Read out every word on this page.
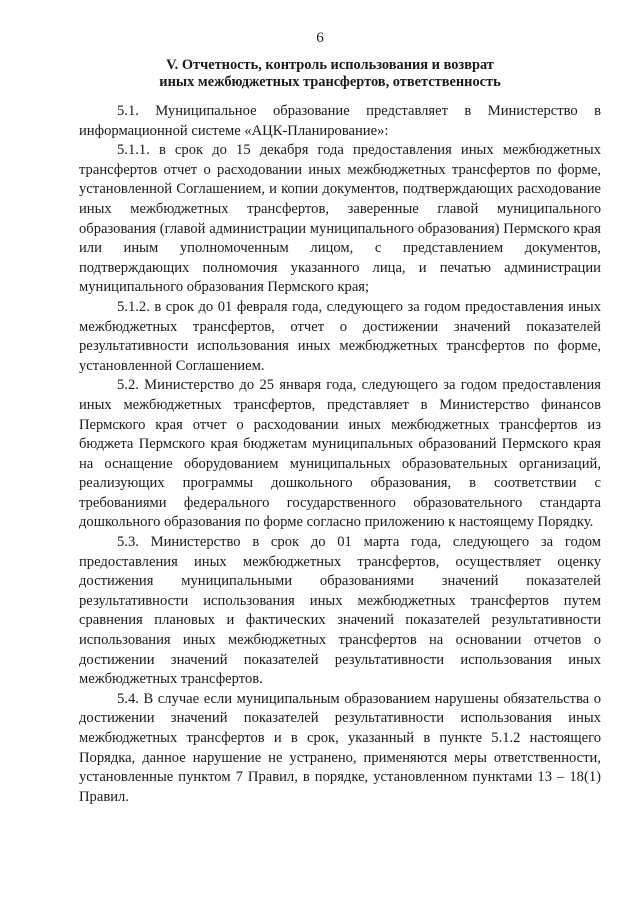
6
V. Отчетность, контроль использования и возврат
иных межбюджетных трансфертов, ответственность

5.1. Муниципальное образование представляет в Министерство в информационной системе «АЦК-Планирование»:

5.1.1. в срок до 15 декабря года предоставления иных межбюджетных трансфертов отчет о расходовании иных межбюджетных трансфертов по форме, установленной Соглашением, и копии документов, подтверждающих расходование иных межбюджетных трансфертов, заверенные главой муниципального образования (главой администрации муниципального образования) Пермского края или иным уполномоченным лицом, с представлением документов, подтверждающих полномочия указанного лица, и печатью администрации муниципального образования Пермского края;

5.1.2. в срок до 01 февраля года, следующего за годом предоставления иных межбюджетных трансфертов, отчет о достижении значений показателей результативности использования иных межбюджетных трансфертов по форме, установленной Соглашением.

5.2. Министерство до 25 января года, следующего за годом предоставления иных межбюджетных трансфертов, представляет в Министерство финансов Пермского края отчет о расходовании иных межбюджетных трансфертов из бюджета Пермского края бюджетам муниципальных образований Пермского края на оснащение оборудованием муниципальных образовательных организаций, реализующих программы дошкольного образования, в соответствии с требованиями федерального государственного образовательного стандарта дошкольного образования по форме согласно приложению к настоящему Порядку.

5.3. Министерство в срок до 01 марта года, следующего за годом предоставления иных межбюджетных трансфертов, осуществляет оценку достижения муниципальными образованиями значений показателей результативности использования иных межбюджетных трансфертов путем сравнения плановых и фактических значений показателей результативности использования иных межбюджетных трансфертов на основании отчетов о достижении значений показателей результативности использования иных межбюджетных трансфертов.

5.4. В случае если муниципальным образованием нарушены обязательства о достижении значений показателей результативности использования иных межбюджетных трансфертов и в срок, указанный в пункте 5.1.2 настоящего Порядка, данное нарушение не устранено, применяются меры ответственности, установленные пунктом 7 Правил, в порядке, установленном пунктами 13 – 18(1) Правил.
